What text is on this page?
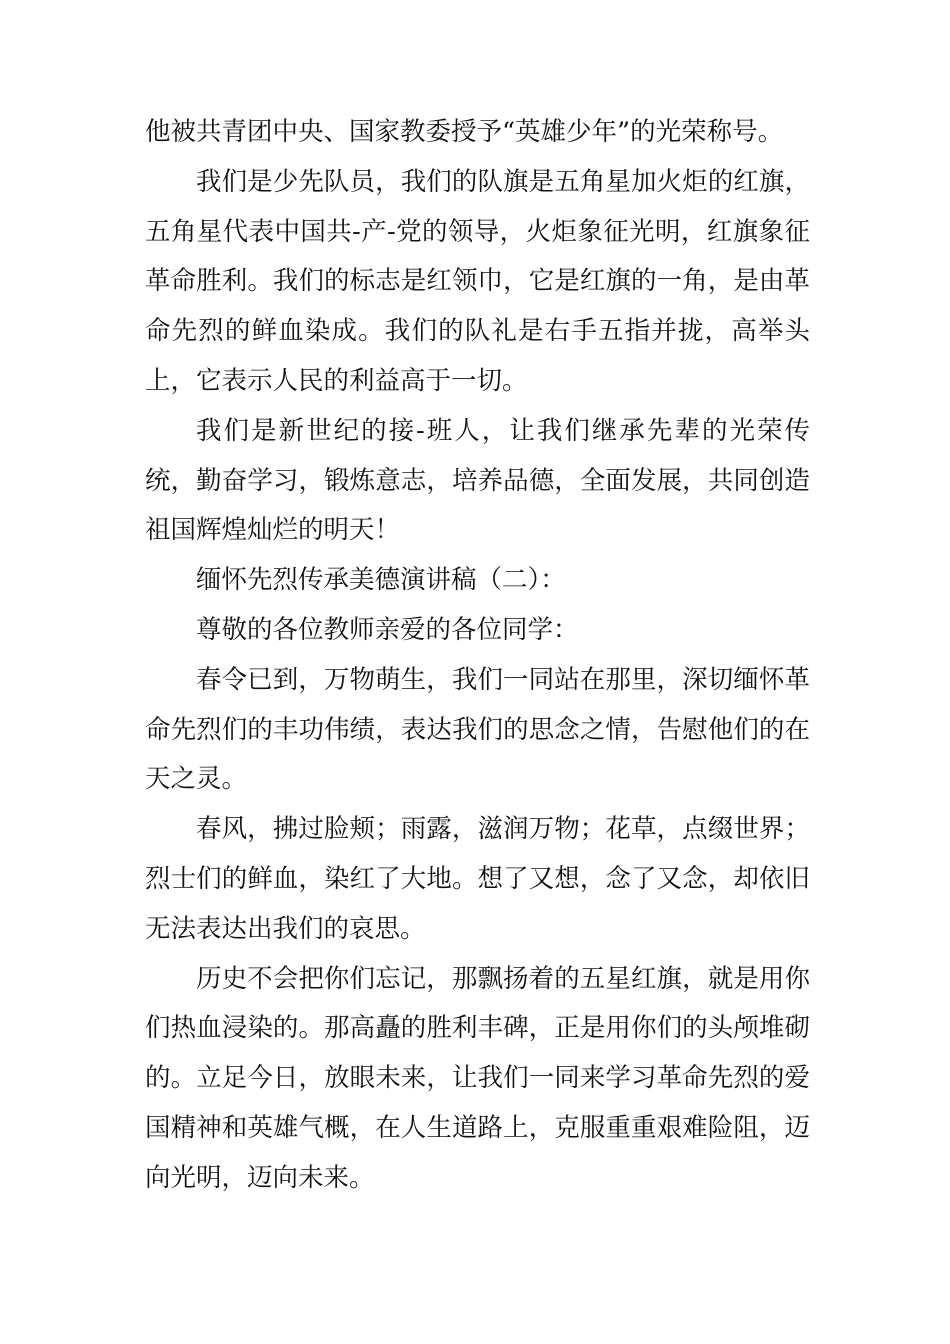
他被共青团中央、国家教委授予“英雄少年”的光荣称号。

我们是少先队员，我们的队旗是五角星加火炬的红旗，五角星代表中国共-产-党的领导，火炬象征光明，红旗象征革命胜利。我们的标志是红领巾，它是红旗的一角，是由革命先烈的鲜血染成。我们的队礼是右手五指并拢，高举头上，它表示人民的利益高于一切。

我们是新世纪的接-班人，让我们继承先辈的光荣传统，勤奋学习，锻炼意志，培养品德，全面发展，共同创造祖国辉煌灿烂的明天！

缅怀先烈传承美德演讲稿（二）：

尊敬的各位教师亲爱的各位同学：

春令已到，万物萌生，我们一同站在那里，深切缅怀革命先烈们的丰功伟绩，表达我们的思念之情，告慰他们的在天之灵。

春风，拂过脸颊；雨露，滋润万物；花草，点缀世界；烈士们的鲜血，染红了大地。想了又想，念了又念，却依旧无法表达出我们的哀思。

历史不会把你们忘记，那飘扬着的五星红旗，就是用你们热血浸染的。那高矗的胜利丰碑，正是用你们的头颅堆砌的。立足今日，放眼未来，让我们一同来学习革命先烈的爱国精神和英雄气概，在人生道路上，克服重重艰难险阻，迈向光明，迈向未来。
